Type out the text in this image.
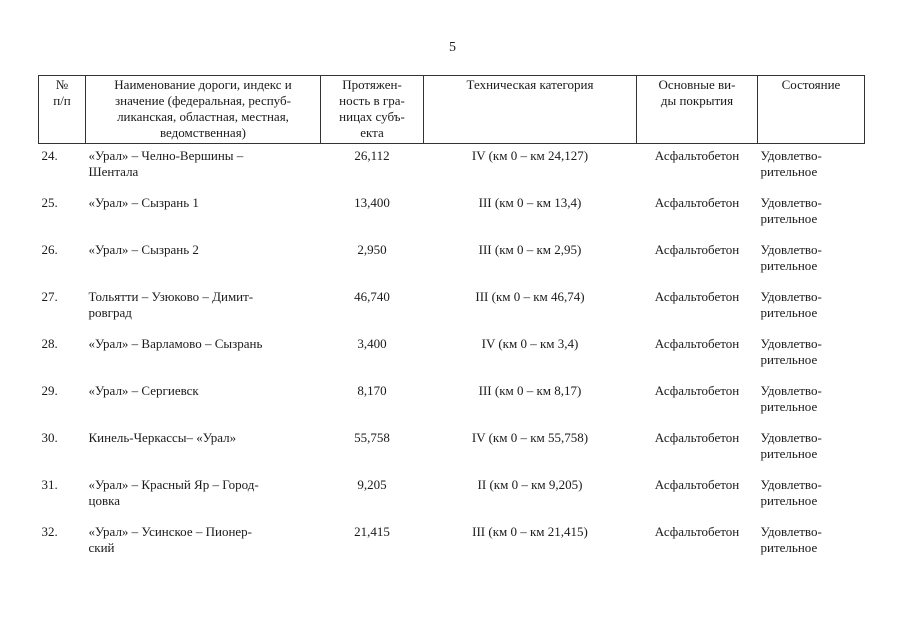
5
№
п/п	Наименование дороги, индекс и
значение (федеральная, респуб-
ликанская, областная, местная,
ведомственная)	Протяжен-
ность в гра-
ницах субъ-
екта	Техническая категория	Основные ви-
ды покрытия	Состояние

24.	«Урал» – Челно-Вершины –
Шентала	26,112	IV (км 0 – км 24,127)	Асфальтобетон	Удовлетво-
рительное

25.	«Урал» – Сызрань 1	13,400	III (км 0 – км 13,4)	Асфальтобетон	Удовлетво-
рительное

26.	«Урал» – Сызрань 2	2,950	III (км 0 – км 2,95)	Асфальтобетон	Удовлетво-
рительное

27.	Тольятти – Узюково – Димит-
ровград	46,740	III (км 0 – км 46,74)	Асфальтобетон	Удовлетво-
рительное

28.	«Урал» – Варламово – Сызрань	3,400	IV (км 0 – км 3,4)	Асфальтобетон	Удовлетво-
рительное

29.	«Урал» – Сергиевск	8,170	III (км 0 – км 8,17)	Асфальтобетон	Удовлетво-
рительное

30.	Кинель-Черкассы– «Урал»	55,758	IV (км 0 – км 55,758)	Асфальтобетон	Удовлетво-
рительное

31.	«Урал» – Красный Яр – Город-
цовка	9,205	II (км 0 – км 9,205)	Асфальтобетон	Удовлетво-
рительное

32.	«Урал» – Усинское – Пионер-
ский	21,415	III (км 0 – км 21,415)	Асфальтобетон	Удовлетво-
рительное
